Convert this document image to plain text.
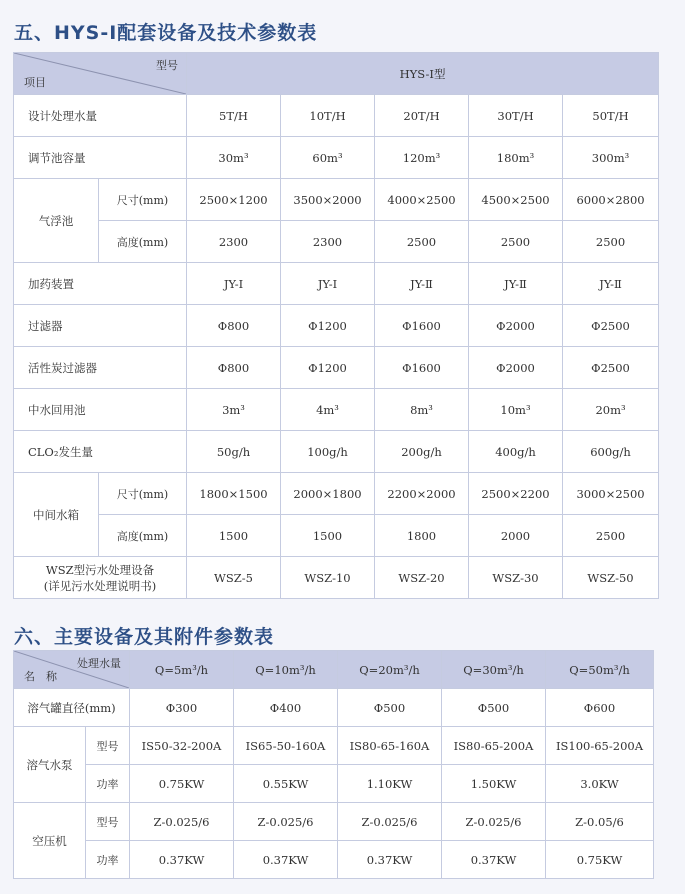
五、HYS-Ⅰ配套设备及技术参数表
型号
项目		HYS-Ⅰ型				
设计处理水量		5T/H	10T/H	20T/H	30T/H	50T/H
调节池容量		30m³	60m³	120m³	180m³	300m³
气浮池	尺寸(mm)	2500×1200	3500×2000	4000×2500	4500×2500	6000×2800
	高度(mm)	2300	2300	2500	2500	2500
加药装置		JY-Ⅰ	JY-Ⅰ	JY-Ⅱ	JY-Ⅱ	JY-Ⅱ
过滤器		Φ800	Φ1200	Φ1600	Φ2000	Φ2500
活性炭过滤器		Φ800	Φ1200	Φ1600	Φ2000	Φ2500
中水回用池		3m³	4m³	8m³	10m³	20m³
CLO₂发生量		50g/h	100g/h	200g/h	400g/h	600g/h
中间水箱	尺寸(mm)	1800×1500	2000×1800	2200×2000	2500×2200	3000×2500
	高度(mm)	1500	1500	1800	2000	2500

WSZ型污水处理设备
(详见污水处理说明书)		WSZ-5	WSZ-10	WSZ-20	WSZ-30	WSZ-50
六、主要设备及其附件参数表
处理水量
名　称		Q=5m³/h	Q=10m³/h	Q=20m³/h	Q=30m³/h	Q=50m³/h
溶气罐直径(mm)		Φ300	Φ400	Φ500	Φ500	Φ600
溶气水泵	型号	IS50-32-200A	IS65-50-160A	IS80-65-160A	IS80-65-200A	IS100-65-200A
	功率	0.75KW	0.55KW	1.10KW	1.50KW	3.0KW
空压机	型号	Z-0.025/6	Z-0.025/6	Z-0.025/6	Z-0.025/6	Z-0.05/6
	功率	0.37KW	0.37KW	0.37KW	0.37KW	0.75KW
